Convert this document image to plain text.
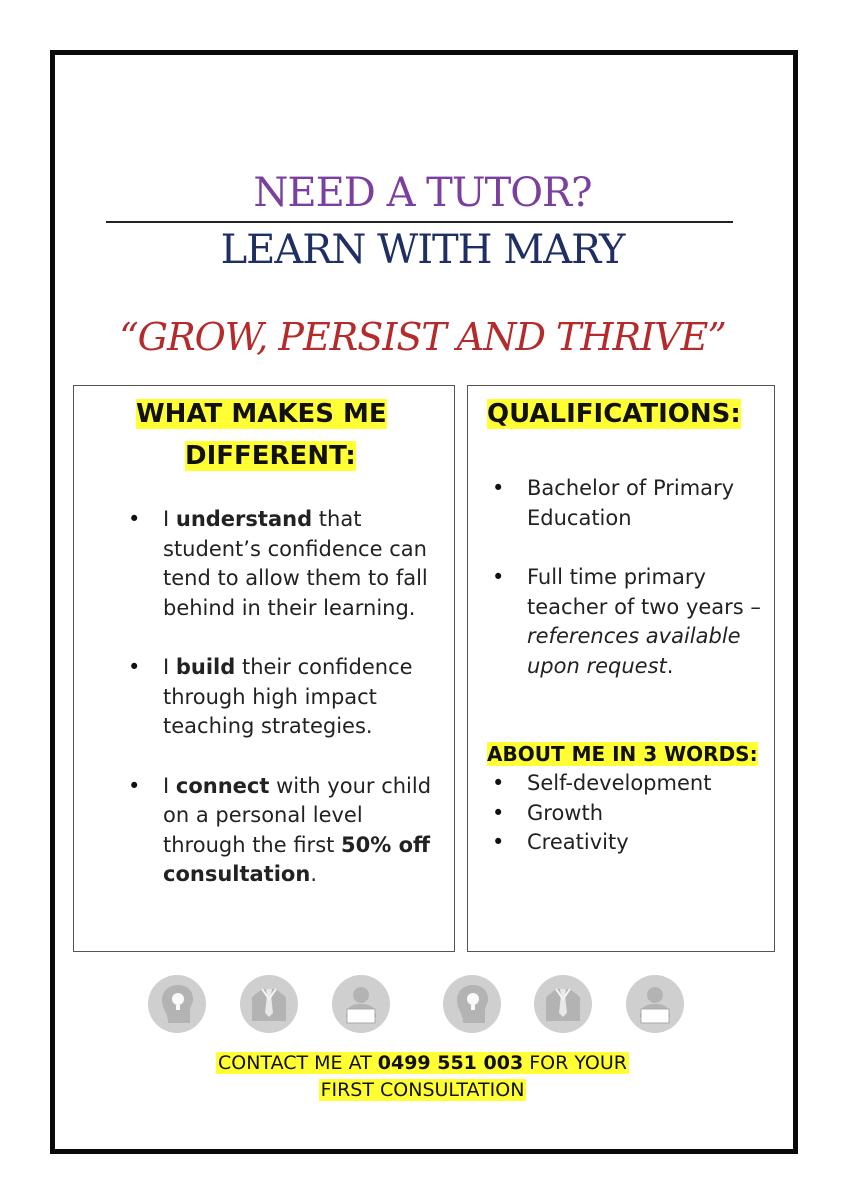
NEED A TUTOR?
LEARN WITH MARY
“GROW, PERSIST AND THRIVE”
WHAT MAKES ME
DIFFERENT:
• I understand that student’s confidence can tend to allow them to fall behind in their learning.
• I build their confidence through high impact teaching strategies.
• I connect with your child on a personal level through the first 50% off consultation.
QUALIFICATIONS:
• Bachelor of Primary Education
• Full time primary teacher of two years – references available upon request.
ABOUT ME IN 3 WORDS:
• Self-development
• Growth
• Creativity
CONTACT ME AT 0499 551 003 FOR YOUR
FIRST CONSULTATION
